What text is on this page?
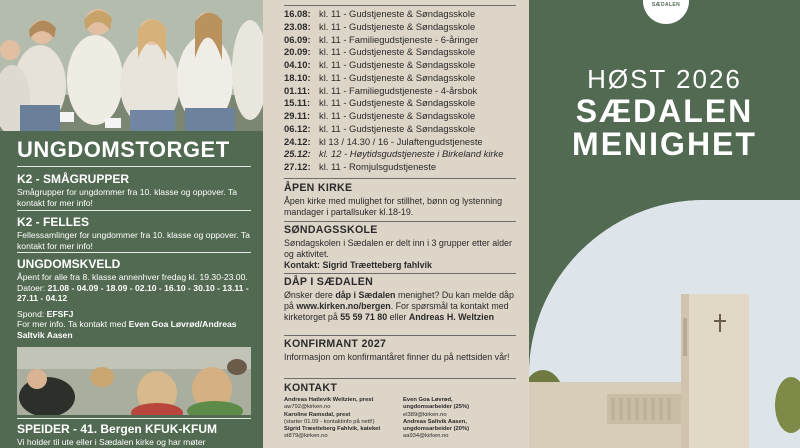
UNGDOMSTORGET
K2 - SMÅGRUPPER

Smågrupper for ungdommer fra 10. klasse og oppover. Ta kontakt for mer info!

K2 - FELLES

Fellessamlinger for ungdommer fra 10. klasse og oppover. Ta kontakt for mer info!

UNGDOMSKVELD

Åpent for alle fra 8. klasse annenhver fredag kl. 19.30-23.00. Datoer: 21.08 - 04.09 - 18.09 - 02.10 - 16.10 - 30.10 - 13.11 - 27.11 - 04.12

Spond: EFSFJ

For mer info. Ta kontakt med Even Goa Løvrød/Andreas Saltvik Aasen

SPEIDER - 41. Bergen KFUK-KFUM

Vi holder til ute eller i Sædalen kirke og har møter

16.08: kl. 11 - Gudstjeneste & Søndagsskole
23.08: kl. 11 - Gudstjeneste & Søndagsskole
06.09: kl. 11 - Familiegudstjeneste - 6-åringer
20.09: kl. 11 - Gudstjeneste & Søndagsskole
04.10: kl. 11 - Gudstjeneste & Søndagsskole
18.10: kl. 11 - Gudstjeneste & Søndagsskole
01.11: kl. 11 - Familiegudstjeneste - 4-årsbok
15.11: kl. 11 - Gudstjeneste & Søndagsskole
29.11: kl. 11 - Gudstjeneste & Søndagsskole
06.12: kl. 11 - Gudstjeneste & Søndagsskole
24.12: kl 13 / 14.30 / 16 - Julaftengudstjeneste
25.12: kl. 12 - Høytidsgudstjeneste i Birkeland kirke
27.12: kl. 11 - Romjulsgudstjeneste
ÅPEN KIRKE

Åpen kirke med mulighet for stillhet, bønn og lystenning mandager i partallsuker kl.18-19.

SØNDAGSSKOLE

Søndagskolen i Sædalen er delt inn i 3 grupper etter alder og aktivitet.

Kontakt: Sigrid Træetteberg fahlvik

DÅP I SÆDALEN

Ønsker dere dåp i Sædalen menighet? Du kan melde dåp på www.kirken.no/bergen. For spørsmål ta kontakt med kirketorget på 55 59 71 80 eller Andreas H. Weltzien

KONFIRMANT 2027

Informasjon om konfirmantåret finner du på nettsiden vår!

KONTAKT
Andreas Hatlevik Weltzien, prest
aw792@kirken.no
Karoline Ramsdal, prest
(starter 01.09 - kontaktinfo på nett!)
Sigrid Træetteberg Fahlvik, kateket
st879@kirken.no
Even Goa Løvrød,
ungdomsarbeider (25%)
el389@kirken.no
Andreas Saltvik Aasen,
ungdomsarbeider (20%)
aa934@kirken.no
SÆDALEN
HØST 2026
SÆDALEN
MENIGHET
